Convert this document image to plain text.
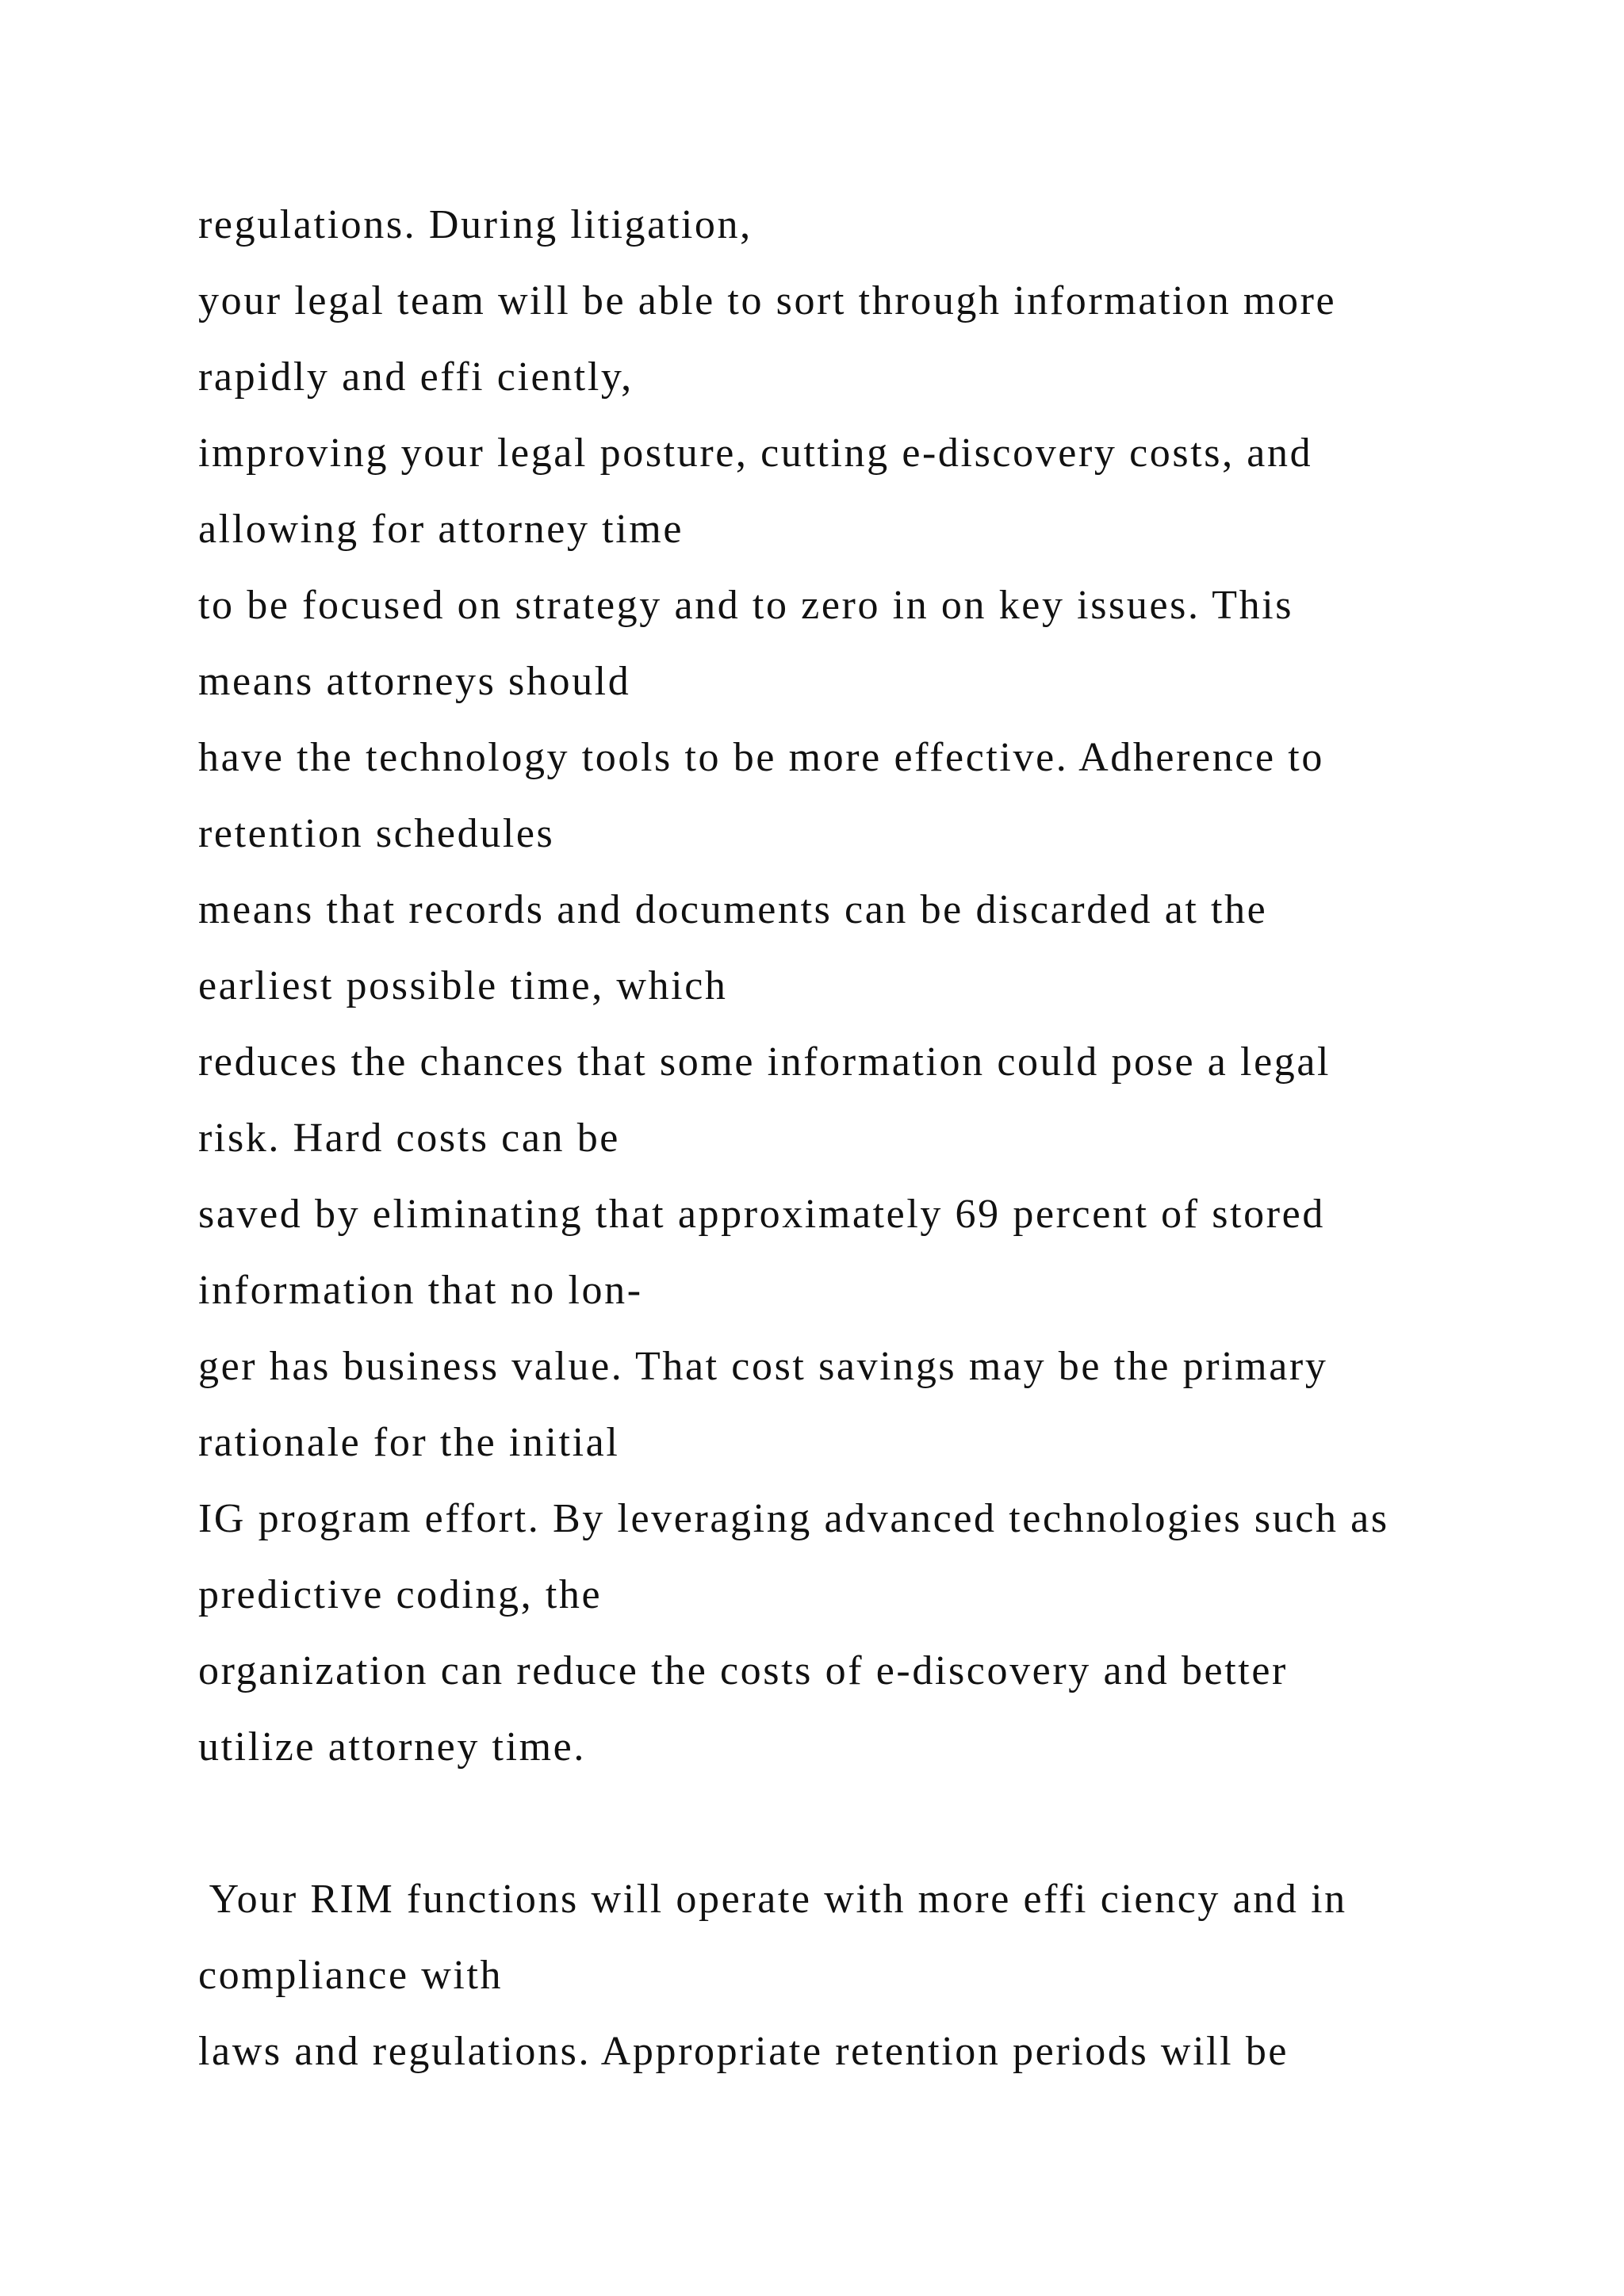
regulations. During litigation,
your legal team will be able to sort through information more
rapidly and effi ciently,
improving your legal posture, cutting e-discovery costs, and
allowing for attorney time
to be focused on strategy and to zero in on key issues. This
means attorneys should
have the technology tools to be more effective. Adherence to
retention schedules
means that records and documents can be discarded at the
earliest possible time, which
reduces the chances that some information could pose a legal
risk. Hard costs can be
saved by eliminating that approximately 69 percent of stored
information that no lon-
ger has business value. That cost savings may be the primary
rationale for the initial
IG program effort. By leveraging advanced technologies such as
predictive coding, the
organization can reduce the costs of e-discovery and better
utilize attorney time.
Your RIM functions will operate with more effi ciency and in
compliance with
laws and regulations. Appropriate retention periods will be
